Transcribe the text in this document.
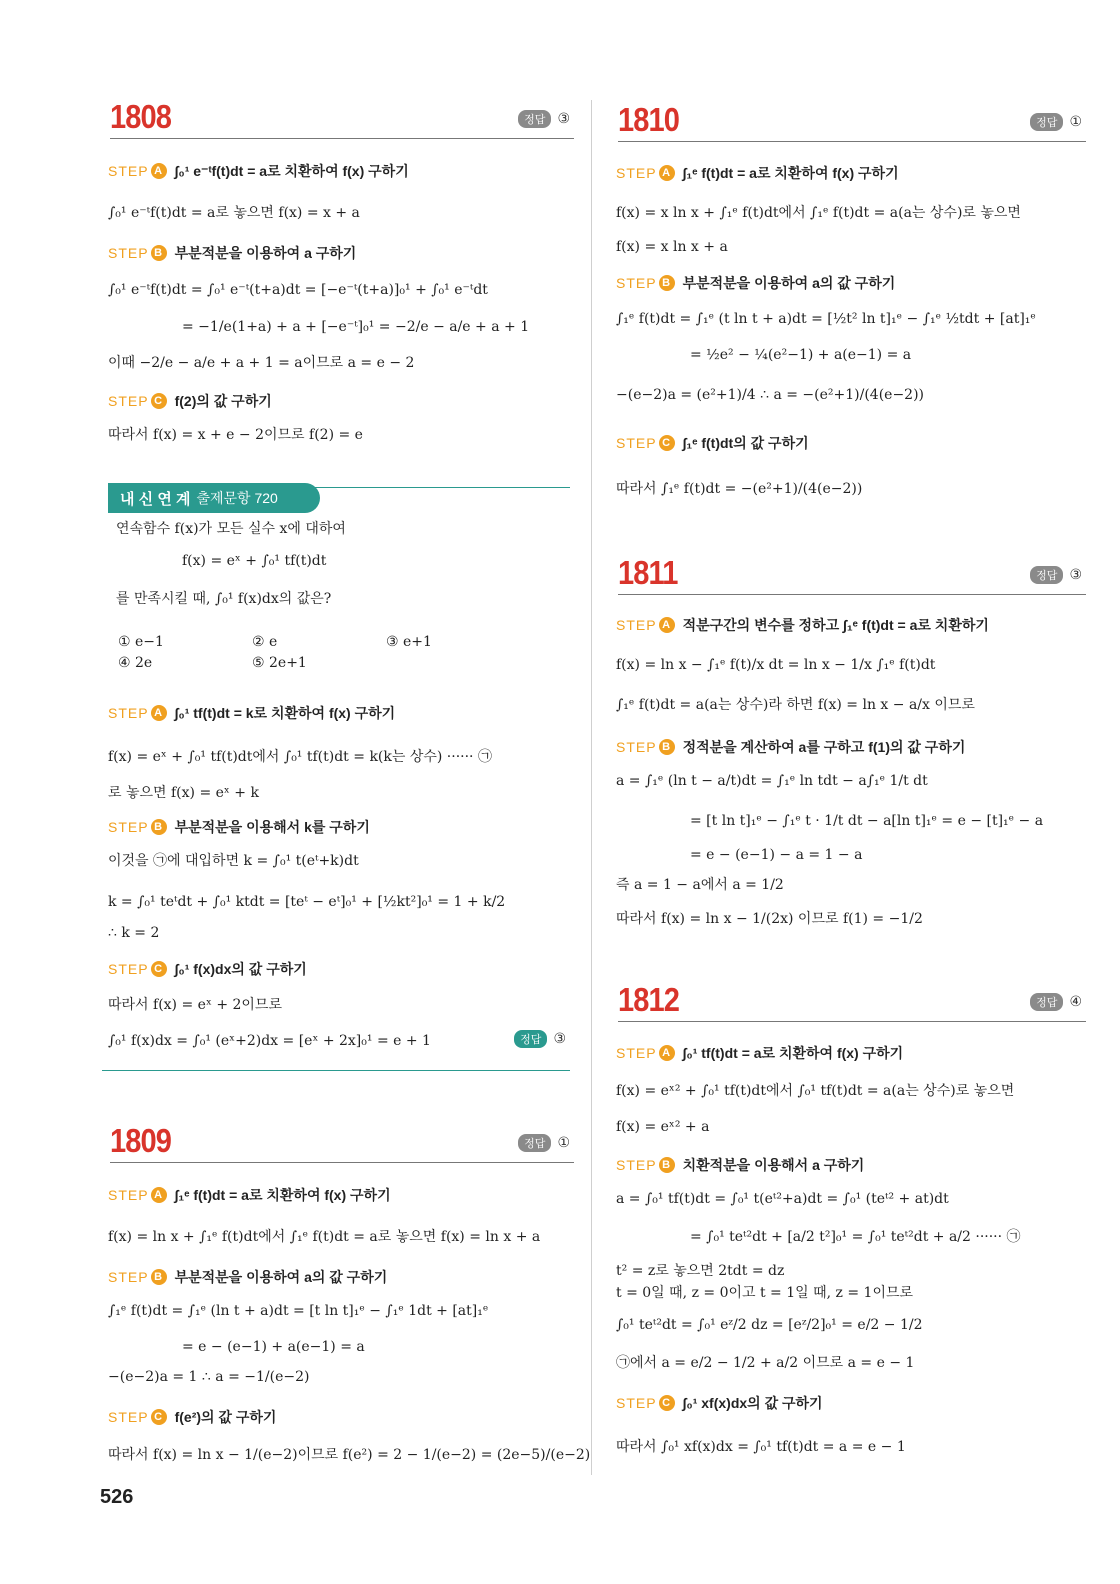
1808	정답 ③
STEP A ∫₀¹ e⁻ᵗf(t)dt = a로 치환하여 f(x) 구하기
∫₀¹ e⁻ᵗf(t)dt = a로 놓으면 f(x) = x + a
STEP B 부분적분을 이용하여 a 구하기
∫₀¹ e⁻ᵗf(t)dt = ∫₀¹ e⁻ᵗ(t+a)dt = [−e⁻ᵗ(t+a)]₀¹ + ∫₀¹ e⁻ᵗdt
= −1/e(1+a) + a + [−e⁻ᵗ]₀¹ = −2/e − a/e + a + 1
이때 −2/e − a/e + a + 1 = a이므로 a = e − 2
STEP C f(2)의 값 구하기
따라서 f(x) = x + e − 2이므로 f(2) = e
내 신 연 계 출제문항 720
연속함수 f(x)가 모든 실수 x에 대하여
f(x) = eˣ + ∫₀¹ tf(t)dt
를 만족시킬 때, ∫₀¹ f(x)dx의 값은?
① e−1	② e	③ e+1
④ 2e	⑤ 2e+1
STEP A ∫₀¹ tf(t)dt = k로 치환하여 f(x) 구하기
f(x) = eˣ + ∫₀¹ tf(t)dt에서 ∫₀¹ tf(t)dt = k(k는 상수) ······ ㉠
로 놓으면 f(x) = eˣ + k
STEP B 부분적분을 이용해서 k를 구하기
이것을 ㉠에 대입하면 k = ∫₀¹ t(eᵗ+k)dt
k = ∫₀¹ teᵗdt + ∫₀¹ ktdt = [teᵗ − eᵗ]₀¹ + [½kt²]₀¹ = 1 + k/2
∴ k = 2
STEP C ∫₀¹ f(x)dx의 값 구하기
따라서 f(x) = eˣ + 2이므로
∫₀¹ f(x)dx = ∫₀¹ (eˣ+2)dx = [eˣ + 2x]₀¹ = e + 1	정답 ③
1809	정답 ①
STEP A ∫₁ᵉ f(t)dt = a로 치환하여 f(x) 구하기
f(x) = ln x + ∫₁ᵉ f(t)dt에서 ∫₁ᵉ f(t)dt = a로 놓으면 f(x) = ln x + a
STEP B 부분적분을 이용하여 a의 값 구하기
∫₁ᵉ f(t)dt = ∫₁ᵉ (ln t + a)dt = [t ln t]₁ᵉ − ∫₁ᵉ 1dt + [at]₁ᵉ
= e − (e−1) + a(e−1) = a
−(e−2)a = 1 ∴ a = −1/(e−2)
STEP C f(e²)의 값 구하기
따라서 f(x) = ln x − 1/(e−2)이므로 f(e²) = 2 − 1/(e−2) = (2e−5)/(e−2)
1810	정답 ①
STEP A ∫₁ᵉ f(t)dt = a로 치환하여 f(x) 구하기
f(x) = x ln x + ∫₁ᵉ f(t)dt에서 ∫₁ᵉ f(t)dt = a(a는 상수)로 놓으면
f(x) = x ln x + a
STEP B 부분적분을 이용하여 a의 값 구하기
∫₁ᵉ f(t)dt = ∫₁ᵉ (t ln t + a)dt = [½t² ln t]₁ᵉ − ∫₁ᵉ ½tdt + [at]₁ᵉ
= ½e² − ¼(e²−1) + a(e−1) = a
−(e−2)a = (e²+1)/4 ∴ a = −(e²+1)/(4(e−2))
STEP C ∫₁ᵉ f(t)dt의 값 구하기
따라서 ∫₁ᵉ f(t)dt = −(e²+1)/(4(e−2))
1811	정답 ③
STEP A 적분구간의 변수를 정하고 ∫₁ᵉ f(t)dt = a로 치환하기
f(x) = ln x − ∫₁ᵉ f(t)/x dt = ln x − 1/x ∫₁ᵉ f(t)dt
∫₁ᵉ f(t)dt = a(a는 상수)라 하면 f(x) = ln x − a/x 이므로
STEP B 정적분을 계산하여 a를 구하고 f(1)의 값 구하기
a = ∫₁ᵉ (ln t − a/t)dt = ∫₁ᵉ ln tdt − a∫₁ᵉ 1/t dt
= [t ln t]₁ᵉ − ∫₁ᵉ t · 1/t dt − a[ln t]₁ᵉ = e − [t]₁ᵉ − a
= e − (e−1) − a = 1 − a
즉 a = 1 − a에서 a = 1/2
따라서 f(x) = ln x − 1/(2x) 이므로 f(1) = −1/2
1812	정답 ④
STEP A ∫₀¹ tf(t)dt = a로 치환하여 f(x) 구하기
f(x) = eˣ² + ∫₀¹ tf(t)dt에서 ∫₀¹ tf(t)dt = a(a는 상수)로 놓으면
f(x) = eˣ² + a
STEP B 치환적분을 이용해서 a 구하기
a = ∫₀¹ tf(t)dt = ∫₀¹ t(eᵗ²+a)dt = ∫₀¹ (teᵗ² + at)dt
= ∫₀¹ teᵗ²dt + [a/2 t²]₀¹ = ∫₀¹ teᵗ²dt + a/2 ······ ㉠
t² = z로 놓으면 2tdt = dz
t = 0일 때, z = 0이고 t = 1일 때, z = 1이므로
∫₀¹ teᵗ²dt = ∫₀¹ eᶻ/2 dz = [eᶻ/2]₀¹ = e/2 − 1/2
㉠에서 a = e/2 − 1/2 + a/2 이므로 a = e − 1
STEP C ∫₀¹ xf(x)dx의 값 구하기
따라서 ∫₀¹ xf(x)dx = ∫₀¹ tf(t)dt = a = e − 1
526
